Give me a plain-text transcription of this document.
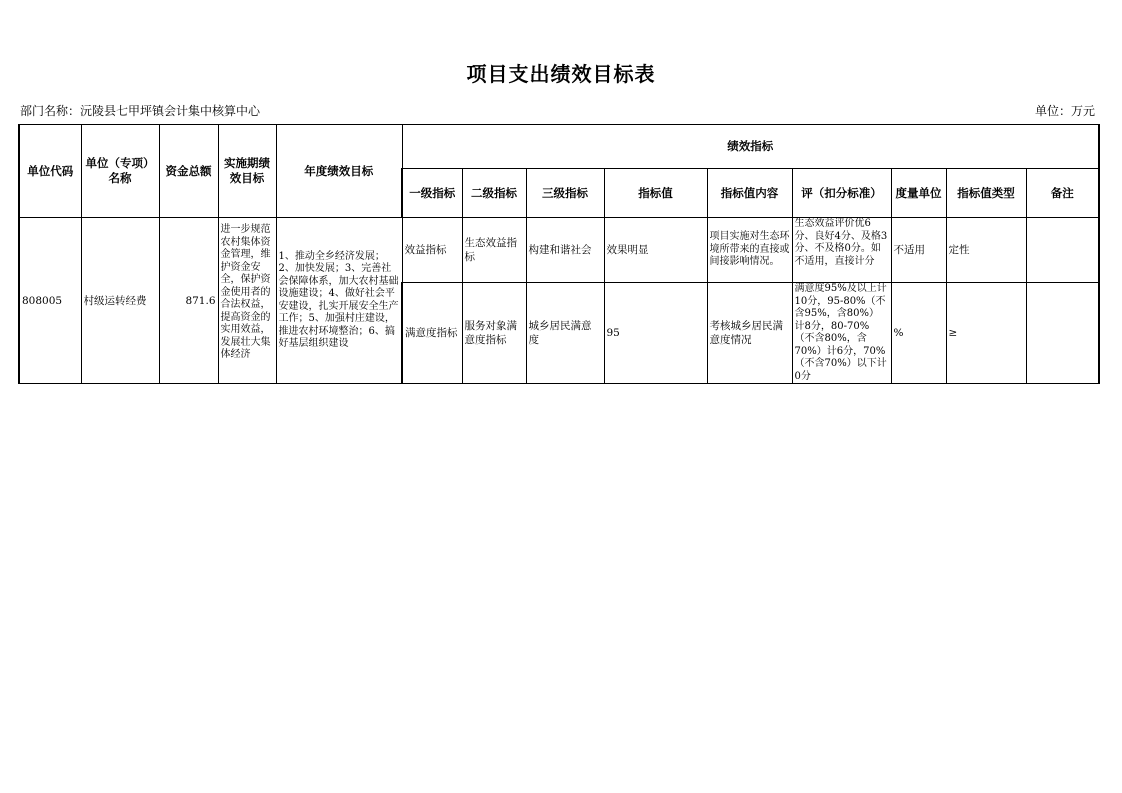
项目支出绩效目标表
部门名称：沅陵县七甲坪镇会计集中核算中心	单位：万元
单位代码	单位（专项）名称	资金总额	实施期绩效目标	年度绩效目标	绩效指标								
					一级指标	二级指标	三级指标	指标值	指标值内容	评（扣分标准）	度量单位	指标值类型	备注
808005	村级运转经费	871.6	进一步规范农村集体资金管理，维护资金安全，保护资金使用者的合法权益，提高资金的实用效益，发展壮大集体经济	1、推动全乡经济发展；2、加快发展；3、完善社会保障体系，加大农村基础设施建设；4、做好社会平安建设，扎实开展安全生产工作；5、加强村庄建设，推进农村环境整治；6、搞好基层组织建设	效益指标	生态效益指标	构建和谐社会	效果明显	项目实施对生态环境所带来的直接或间接影响情况。	生态效益评价优6分、良好4分、及格3分、不及格0分。如不适用，直接计分	不适用	定性	
					满意度指标	服务对象满意度指标	城乡居民满意度	95	考核城乡居民满意度情况	满意度95%及以上计10分，95-80%（不含95%，含80%）计8分，80-70%（不含80%，含70%）计6分，70%（不含70%）以下计0分	%	≥	
